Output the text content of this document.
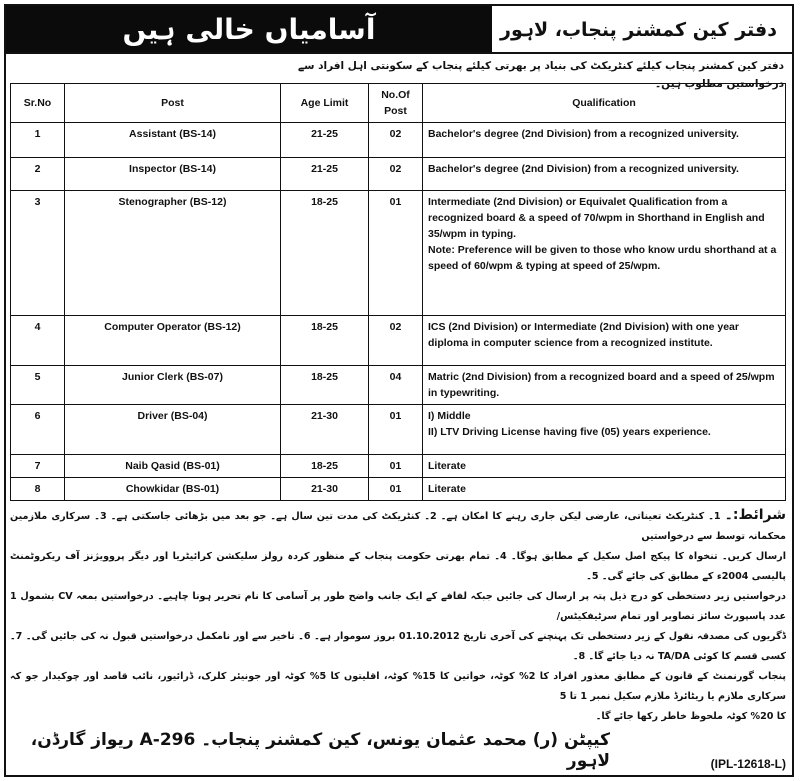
آسامیاں خالی ہیں	دفتر کین کمشنر پنجاب، لاہور
دفتر کین کمشنر پنجاب کیلئے کنٹریکٹ کی بنیاد پر بھرتی کیلئے پنجاب کے سکونتی اہل افراد سے درخواستیں مطلوب ہیں۔
Sr.No	Post	Age Limit	No.Of Post	Qualification
1	Assistant (BS-14)	21-25	02	Bachelor's degree (2nd Division) from a recognized university.

2	Inspector (BS-14)	21-25	02	Bachelor's degree (2nd Division) from a recognized university.

3	Stenographer (BS-12)	18-25	01	Intermediate (2nd Division) or Equivalet Qualification from a recognized board & a speed of 70/wpm in Shorthand in English and 35/wpm in typing.
Note: Preference will be given to those who know urdu shorthand at a speed of 60/wpm & typing at speed of 25/wpm.

4	Computer Operator (BS-12)	18-25	02	ICS (2nd Division) or Intermediate (2nd Division) with one year diploma in computer science from a recognized institute.

5	Junior Clerk (BS-07)	18-25	04	Matric (2nd Division) from a recognized board and a speed of 25/wpm in typewriting.

6	Driver (BS-04)	21-30	01	I) Middle
II) LTV Driving License having five (05) years experience.

7	Naib Qasid (BS-01)	18-25	01	Literate

8	Chowkidar (BS-01)	21-30	01	Literate
شرائط:۔ 1۔ کنٹریکٹ تعیناتی، عارضی لیکن جاری رہنے کا امکان ہے۔ 2۔ کنٹریکٹ کی مدت تین سال ہے۔ جو بعد میں بڑھائی جاسکتی ہے۔ 3۔ سرکاری ملازمین محکمانہ توسط سے درخواستیں
ارسال کریں۔ تنخواہ کا پیکج اصل سکیل کے مطابق ہوگا۔ 4۔ تمام بھرتی حکومت پنجاب کے منظور کردہ رولز سلیکشن کرائیٹریا اور دیگر پروویژنز آف ریکروٹمنٹ پالیسی 2004ء کے مطابق کی جائے گی۔ 5۔
درخواستیں زیر دستخطی کو درج ذیل پتہ پر ارسال کی جائیں جبکہ لفافے کے ایک جانب واضح طور پر آسامی کا نام تحریر ہونا چاہیے۔ درخواستیں بمعہ CV بشمول 1 عدد پاسپورٹ سائز تصاویر اور تمام سرٹیفکیٹس/
ڈگریوں کی مصدقہ نقول کے زیر دستخطی تک پہنچنے کی آخری تاریخ 01.10.2012 بروز سوموار ہے۔ 6۔ تاخیر سے اور نامکمل درخواستیں قبول نہ کی جائیں گی۔ 7۔ کسی قسم کا کوئی TA/DA نہ دیا جائے گا۔ 8۔
پنجاب گورنمنٹ کے قانون کے مطابق معذور افراد کا 2% کوٹہ، خواتین کا 15% کوٹہ، اقلیتوں کا 5% کوٹہ اور جونیئر کلرک، ڈرائیور، نائب قاصد اور چوکیدار جو کہ سرکاری ملازم یا ریٹائرڈ ملازم سکیل نمبر 1 تا 5
کا 20% کوٹہ ملحوظ خاطر رکھا جائے گا۔
کیپٹن (ر) محمد عثمان یونس، کین کمشنر پنجاب۔ 296-A ریواز گارڈن، لاہور	(IPL-12618-L)
